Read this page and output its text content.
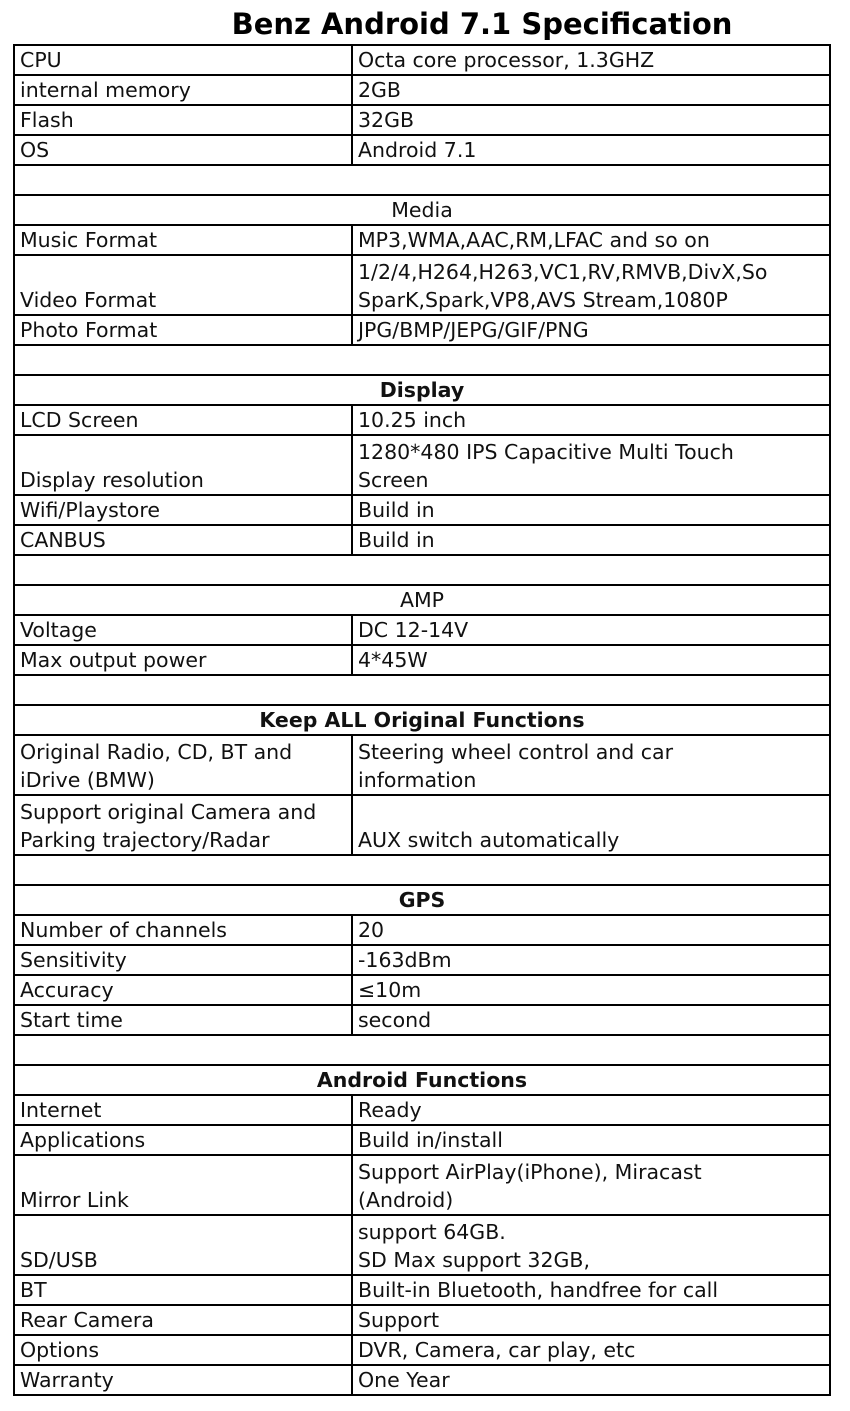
Benz Android 7.1 Specification
CPU	Octa core processor, 1.3GHZ
internal memory	2GB
Flash	32GB
OS	Android 7.1

Media	
Music Format	MP3,WMA,AAC,RM,LFAC and so on
Video Format	1/2/4,H264,H263,VC1,RV,RMVB,DivX,So
SparK,Spark,VP8,AVS Stream,1080P
Photo Format	JPG/BMP/JEPG/GIF/PNG

Display	
LCD Screen	10.25 inch
Display resolution	1280*480 IPS Capacitive Multi Touch
Screen
Wifi/Playstore	Build in
CANBUS	Build in

AMP	
Voltage	DC 12-14V
Max output power	4*45W

Keep ALL Original Functions	
Original Radio, CD, BT and
iDrive (BMW)	Steering wheel control and car
information
Support original Camera and
Parking trajectory/Radar	AUX switch automatically

GPS	
Number of channels	20
Sensitivity	-163dBm
Accuracy	≤10m
Start time	second

Android Functions	
Internet	Ready
Applications	Build in/install
Mirror Link	Support AirPlay(iPhone), Miracast
(Android)
SD/USB	support 64GB.
SD Max support 32GB,
BT	Built-in Bluetooth, handfree for call
Rear Camera	Support
Options	DVR, Camera, car play, etc
Warranty	One Year
